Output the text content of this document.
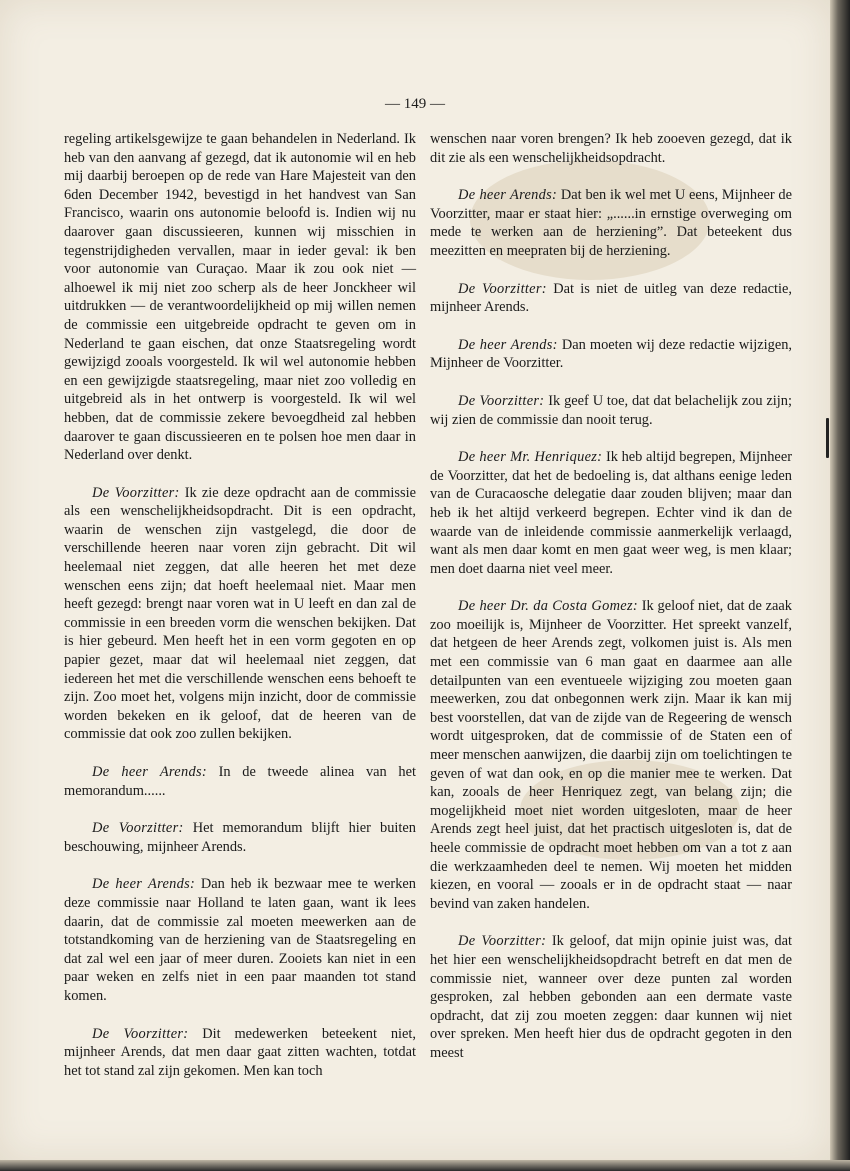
— 149 —

regeling artikelsgewijze te gaan behandelen in Nederland. Ik heb van den aanvang af gezegd, dat ik autonomie wil en heb mij daarbij beroepen op de rede van Hare Majesteit van den 6den December 1942, bevestigd in het handvest van San Francisco, waarin ons autonomie beloofd is. Indien wij nu daarover gaan discussieeren, kunnen wij misschien in tegenstrijdigheden vervallen, maar in ieder geval: ik ben voor autonomie van Curaçao. Maar ik zou ook niet — alhoewel ik mij niet zoo scherp als de heer Jonckheer wil uitdrukken — de verantwoordelijkheid op mij willen nemen de commissie een uitgebreide opdracht te geven om in Nederland te gaan eischen, dat onze Staatsregeling wordt gewijzigd zooals voorgesteld. Ik wil wel autonomie hebben en een gewijzigde staatsregeling, maar niet zoo volledig en uitgebreid als in het ontwerp is voorgesteld. Ik wil wel hebben, dat de commissie zekere bevoegdheid zal hebben daarover te gaan discussieeren en te polsen hoe men daar in Nederland over denkt.

De Voorzitter: Ik zie deze opdracht aan de commissie als een wenschelijkheidsopdracht. Dit is een opdracht, waarin de wenschen zijn vastgelegd, die door de verschillende heeren naar voren zijn gebracht. Dit wil heelemaal niet zeggen, dat alle heeren het met deze wenschen eens zijn; dat hoeft heelemaal niet. Maar men heeft gezegd: brengt naar voren wat in U leeft en dan zal de commissie in een breeden vorm die wenschen bekijken. Dat is hier gebeurd. Men heeft het in een vorm gegoten en op papier gezet, maar dat wil heelemaal niet zeggen, dat iedereen het met die verschillende wenschen eens behoeft te zijn. Zoo moet het, volgens mijn inzicht, door de commissie worden bekeken en ik geloof, dat de heeren van de commissie dat ook zoo zullen bekijken.

De heer Arends: In de tweede alinea van het memorandum......

De Voorzitter: Het memorandum blijft hier buiten beschouwing, mijnheer Arends.

De heer Arends: Dan heb ik bezwaar mee te werken deze commissie naar Holland te laten gaan, want ik lees daarin, dat de commissie zal moeten meewerken aan de totstandkoming van de herziening van de Staatsregeling en dat zal wel een jaar of meer duren. Zooiets kan niet in een paar weken en zelfs niet in een paar maanden tot stand komen.

De Voorzitter: Dit medewerken beteekent niet, mijnheer Arends, dat men daar gaat zitten wachten, totdat het tot stand zal zijn gekomen. Men kan toch

wenschen naar voren brengen? Ik heb zooeven gezegd, dat ik dit zie als een wenschelijkheidsopdracht.

De heer Arends: Dat ben ik wel met U eens, Mijnheer de Voorzitter, maar er staat hier: „......in ernstige overweging om mede te werken aan de herziening”. Dat beteekent dus meezitten en meepraten bij de herziening.

De Voorzitter: Dat is niet de uitleg van deze redactie, mijnheer Arends.

De heer Arends: Dan moeten wij deze redactie wijzigen, Mijnheer de Voorzitter.

De Voorzitter: Ik geef U toe, dat dat belachelijk zou zijn; wij zien de commissie dan nooit terug.

De heer Mr. Henriquez: Ik heb altijd begrepen, Mijnheer de Voorzitter, dat het de bedoeling is, dat althans eenige leden van de Curacaosche delegatie daar zouden blijven; maar dan heb ik het altijd verkeerd begrepen. Echter vind ik dan de waarde van de inleidende commissie aanmerkelijk verlaagd, want als men daar komt en men gaat weer weg, is men klaar; men doet daarna niet veel meer.

De heer Dr. da Costa Gomez: Ik geloof niet, dat de zaak zoo moeilijk is, Mijnheer de Voorzitter. Het spreekt vanzelf, dat hetgeen de heer Arends zegt, volkomen juist is. Als men met een commissie van 6 man gaat en daarmee aan alle detailpunten van een eventueele wijziging zou moeten gaan meewerken, zou dat onbegonnen werk zijn. Maar ik kan mij best voorstellen, dat van de zijde van de Regeering de wensch wordt uitgesproken, dat de commissie of de Staten een of meer menschen aanwijzen, die daarbij zijn om toelichtingen te geven of wat dan ook, en op die manier mee te werken. Dat kan, zooals de heer Henriquez zegt, van belang zijn; die mogelijkheid moet niet worden uitgesloten, maar de heer Arends zegt heel juist, dat het practisch uitgesloten is, dat de heele commissie de opdracht moet hebben om van a tot z aan die werkzaamheden deel te nemen. Wij moeten het midden kiezen, en vooral — zooals er in de opdracht staat — naar bevind van zaken handelen.

De Voorzitter: Ik geloof, dat mijn opinie juist was, dat het hier een wenschelijkheidsopdracht betreft en dat men de commissie niet, wanneer over deze punten zal worden gesproken, zal hebben gebonden aan een dermate vaste opdracht, dat zij zou moeten zeggen: daar kunnen wij niet over spreken. Men heeft hier dus de opdracht gegoten in den meest
